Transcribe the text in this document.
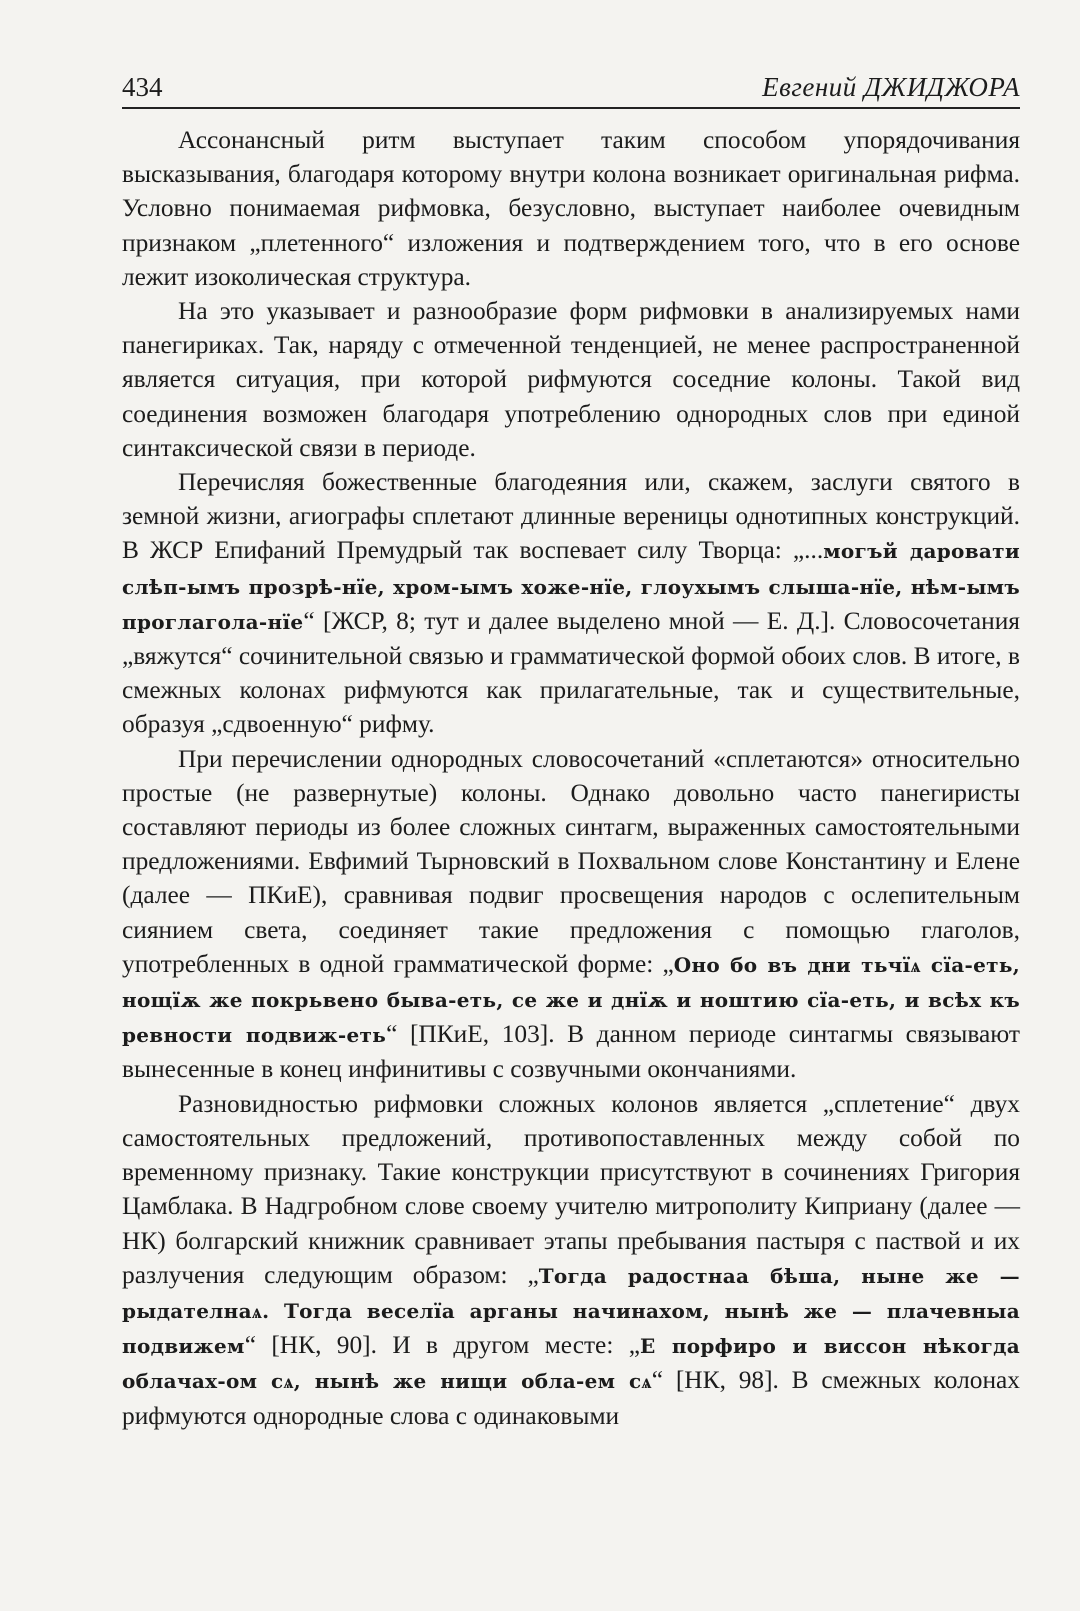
434	Евгений ДЖИДЖОРА

Ассонансный ритм выступает таким способом упорядочивания высказывания, благодаря которому внутри колона возникает оригинальная рифма. Условно понимаемая рифмовка, безусловно, выступает наиболее очевидным признаком „плетенного“ изложения и подтверждением того, что в его основе лежит изоколическая структура.

На это указывает и разнообразие форм рифмовки в анализируемых нами панегириках. Так, наряду с отмеченной тенденцией, не менее распространенной является ситуация, при которой рифмуются соседние колоны. Такой вид соединения возможен благодаря употреблению однородных слов при единой синтаксической связи в периоде.

Перечисляя божественные благодеяния или, скажем, заслуги святого в земной жизни, агиографы сплетают длинные вереницы однотипных конструкций. В ЖСР Епифаний Премудрый так воспевает силу Творца: „...могъй даровати слѣп-ымъ прозрѣ-нїе, хром-ымъ хоже-нїе, глоухымъ слыша-нїе, нѣм-ымъ проглагола-нїе“ [ЖСР, 8; тут и далее выделено мной — Е. Д.]. Словосочетания „вяжутся“ сочинительной связью и грамматической формой обоих слов. В итоге, в смежных колонах рифмуются как прилагательные, так и существительные, образуя „сдвоенную“ рифму.

При перечислении однородных словосочетаний «сплетаются» относительно простые (не развернутые) колоны. Однако довольно часто панегиристы составляют периоды из более сложных синтагм, выраженных самостоятельными предложениями. Евфимий Тырновский в Похвальном слове Константину и Елене (далее — ПКиЕ), сравнивая подвиг просвещения народов с ослепительным сиянием света, соединяет такие предложения с помощью глаголов, употребленных в одной грамматической форме: „Оно бо въ дни тьчїѧ сїа-еть, нощїѫ же покрьвено быва-еть, се же и днїѫ и ноштию сїа-еть, и всѣх къ ревности подвиж-еть“ [ПКиЕ, 103]. В данном периоде синтагмы связывают вынесенные в конец инфинитивы с созвучными окончаниями.

Разновидностью рифмовки сложных колонов является „сплетение“ двух самостоятельных предложений, противопоставленных между собой по временному признаку. Такие конструкции присутствуют в сочинениях Григория Цамблака. В Надгробном слове своему учителю митрополиту Киприану (далее — НК) болгарский книжник сравнивает этапы пребывания пастыря с паствой и их разлучения следующим образом: „Тогда радостнаа бѣша, ныне же — рыдателнаѧ. Тогда веселїа арганы начинахом, нынѣ же — плачевныа подвижем“ [НК, 90]. И в другом месте: „Е порфиро и виссон нѣкогда облачах-ом сѧ, нынѣ же нищи обла-ем сѧ“ [НК, 98]. В смежных колонах рифмуются однородные слова с одинаковыми
